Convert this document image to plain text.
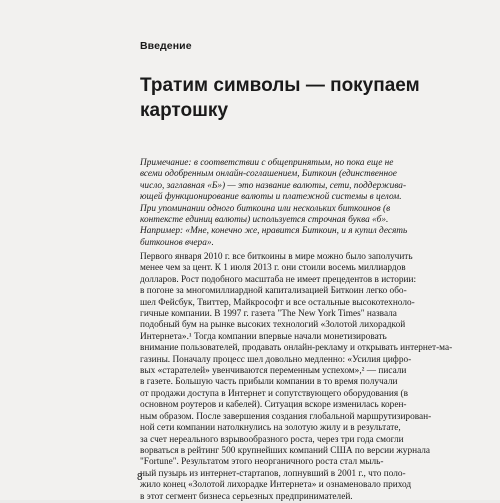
Введение
Тратим символы — покупаем
картошку
Примечание: в соответствии с общепринятым, но пока еще не
всеми одобренным онлайн-соглашением, Биткоин (единственное
число, заглавная «Б») — это название валюты, сети, поддержива-
ющей функционирование валюты и платежной системы в целом.
При упоминании одного биткоина или нескольких биткоинов (в
контексте единиц валюты) используется строчная буква «б».
Например: «Мне, конечно же, нравится Биткоин, и я купил десять
биткоинов вчера».
Первого января 2010 г. все биткоины в мире можно было заполучить
менее чем за цент. К 1 июля 2013 г. они стоили восемь миллиардов
долларов. Рост подобного масштаба не имеет прецедентов в истории:
в погоне за многомиллиардной капитализацией Биткоин легко обо-
шел Фейсбук, Твиттер, Майкрософт и все остальные высокотехноло-
гичные компании. В 1997 г. газета "The New York Times" назвала
подобный бум на рынке высоких технологий «Золотой лихорадкой
Интернета».¹ Тогда компании впервые начали монетизировать
внимание пользователей, продавать онлайн-рекламу и открывать интернет-ма-
газины. Поначалу процесс шел довольно медленно: «Усилия цифро-
вых «старателей» увенчиваются переменным успехом»,² — писали
в газете. Большую часть прибыли компании в то время получали
от продажи доступа в Интернет и сопутствующего оборудования (в
основном роутеров и кабелей). Ситуация вскоре изменилась корен-
ным образом. После завершения создания глобальной маршрутизирован-
ной сети компании натолкнулись на золотую жилу и в результате,
за счет нереального взрывообразного роста, через три года смогли
ворваться в рейтинг 500 крупнейших компаний США по версии журнала
"Fortune". Результатом этого неорганичного роста стал мыль-
ный пузырь из интернет-стартапов, лопнувший в 2001 г., что поло-
жило конец «Золотой лихорадке Интернета» и ознаменовало приход
в этот сегмент бизнеса серьезных предпринимателей.
8
